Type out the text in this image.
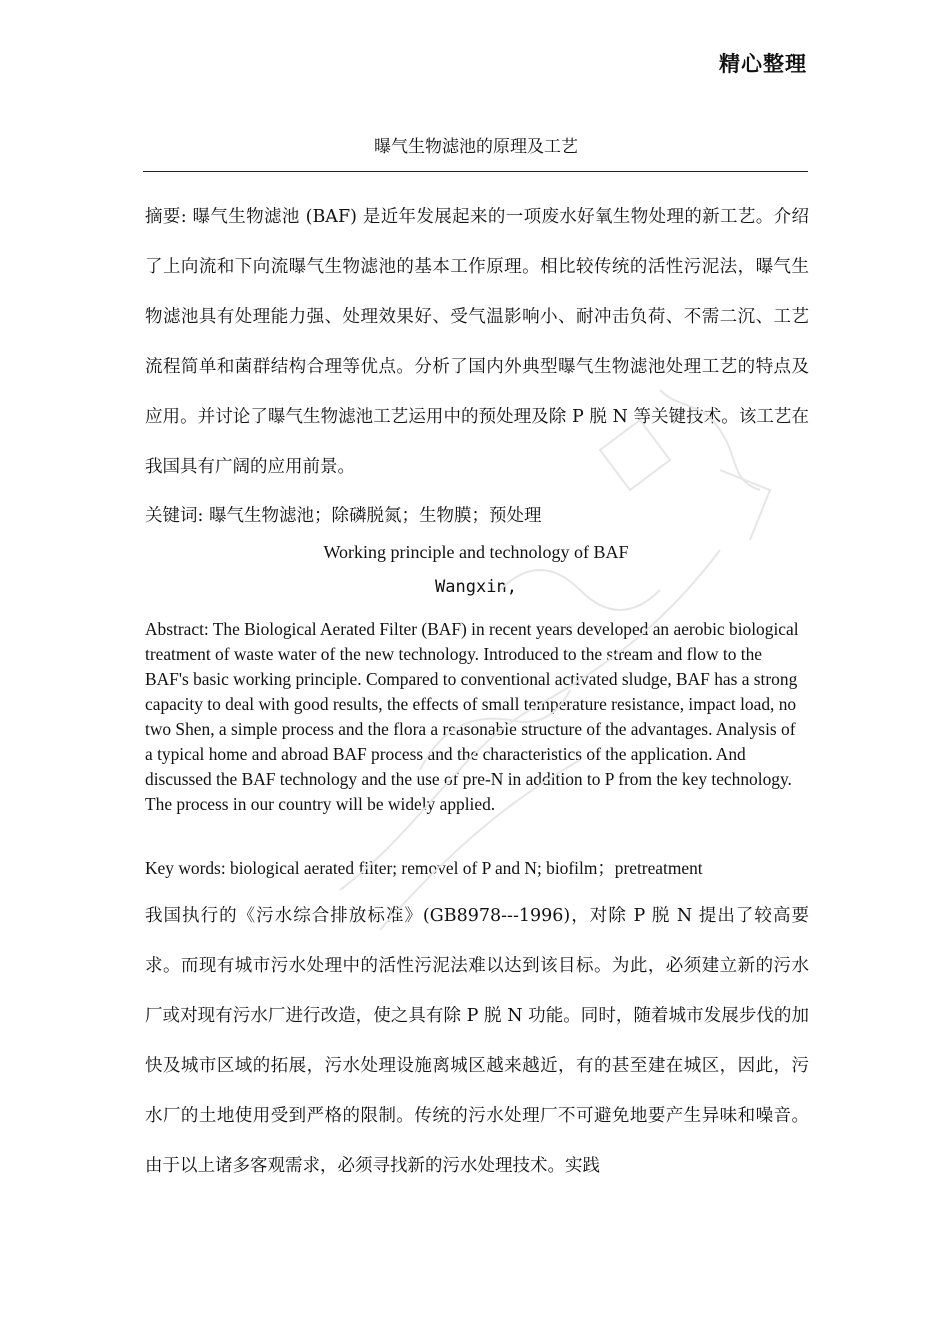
精心整理
曝气生物滤池的原理及工艺
摘要: 曝气生物滤池 (BAF) 是近年发展起来的一项废水好氧生物处理的新工艺。介绍了上向流和下向流曝气生物滤池的基本工作原理。相比较传统的活性污泥法，曝气生物滤池具有处理能力强、处理效果好、受气温影响小、耐冲击负荷、不需二沉、工艺流程简单和菌群结构合理等优点。分析了国内外典型曝气生物滤池处理工艺的特点及应用。并讨论了曝气生物滤池工艺运用中的预处理及除 P 脱 N 等关键技术。该工艺在我国具有广阔的应用前景。
关键词: 曝气生物滤池；除磷脱氮；生物膜；预处理
Working principle and technology of BAF
Wangxin,
Abstract: The Biological Aerated Filter (BAF) in recent years developed an aerobic biological treatment of waste water of the new technology. Introduced to the stream and flow to the BAF's basic working principle. Compared to conventional activated sludge, BAF has a strong capacity to deal with good results, the effects of small temperature resistance, impact load, no two Shen, a simple process and the flora a reasonable structure of the advantages. Analysis of a typical home and abroad BAF process and the characteristics of the application. And discussed the BAF technology and the use of pre-N in addition to P from the key technology. The process in our country will be widely applied.
Key words: biological aerated filter; removel of P and N; biofilm；pretreatment
我国执行的《污水综合排放标准》(GB8978---1996)，对除 P 脱 N 提出了较高要求。而现有城市污水处理中的活性污泥法难以达到该目标。为此，必须建立新的污水厂或对现有污水厂进行改造，使之具有除 P 脱 N 功能。同时，随着城市发展步伐的加快及城市区域的拓展，污水处理设施离城区越来越近，有的甚至建在城区，因此，污水厂的土地使用受到严格的限制。传统的污水处理厂不可避免地要产生异味和噪音。由于以上诸多客观需求，必须寻找新的污水处理技术。实践
